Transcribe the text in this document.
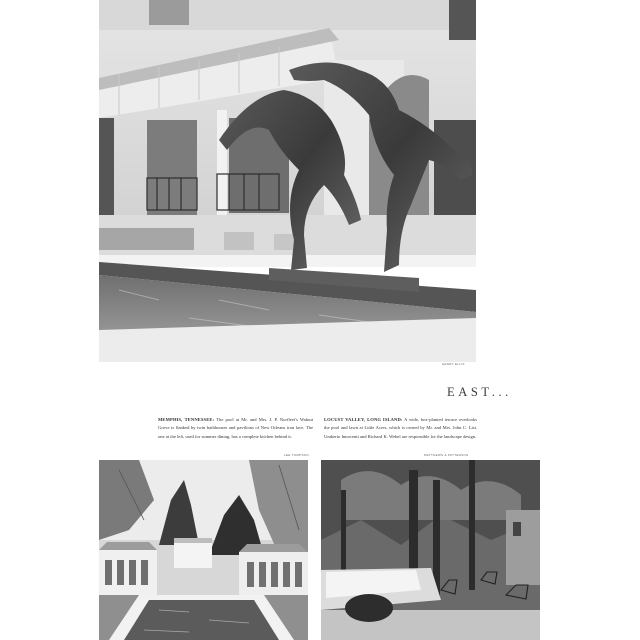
HENRY ELLIS
EAST...
MEMPHIS, TENNESSEE: The pool at Mr. and Mrs. J. P. Norfleet's Walnut Grove is flanked by twin bathhouses and pavilions of New Orleans iron lace. The one at the left, used for summer dining, has a complete kitchen behind it.
LOCUST VALLEY, LONG ISLAND: A wide, box-planted terrace overlooks the pool and lawn at Little Acres, which is owned by Mr. and Mrs. John C. List. Umberto Innocenti and Richard K. Webel are responsible for the landscape design.
LEE TOMPSON	MATTHEWS & PATTERSON
